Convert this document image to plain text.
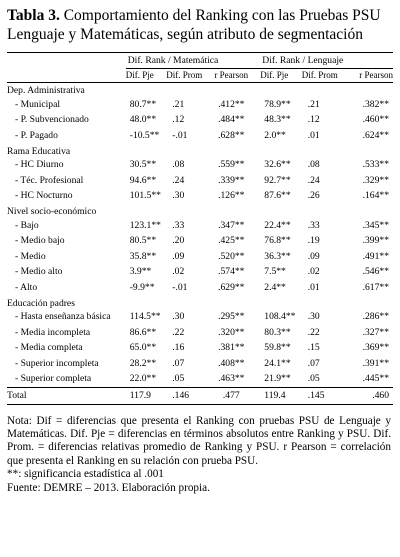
Tabla 3. Comportamiento del Ranking con las Pruebas PSU Lenguaje y Matemáticas, según atributo de segmentación
	Dif. Rank / Matemática			Dif. Rank / Lenguaje		
	Dif. Pje	Dif. Prom	r Pearson	Dif. Pje	Dif. Prom	r Pearson
Dep. Administrativa						
- Municipal	80.7**	.21	.412**	78.9**	.21	.382**
- P. Subvencionado	48.0**	.12	.484**	48.3**	.12	.460**
- P. Pagado	-10.5**	-.01	.628**	2.0**	.01	.624**
Rama Educativa						
- HC Diurno	30.5**	.08	.559**	32.6**	.08	.533**
- Téc. Profesional	94.6**	.24	.339**	92.7**	.24	.329**
- HC Nocturno	101.5**	.30	.126**	87.6**	.26	.164**
Nivel socio-económico						
- Bajo	123.1**	.33	.347**	22.4**	.33	.345**
- Medio bajo	80.5**	.20	.425**	76.8**	.19	.399**
- Medio	35.8**	.09	.520**	36.3**	.09	.491**
- Medio alto	3.9**	.02	.574**	7.5**	.02	.546**
- Alto	-9.9**	-.01	.629**	2.4**	.01	.617**
Educación padres						
- Hasta enseñanza básica	114.5**	.30	.295**	108.4**	.30	.286**
- Media incompleta	86.6**	.22	.320**	80.3**	.22	.327**
- Media completa	65.0**	.16	.381**	59.8**	.15	.369**
- Superior incompleta	28.2**	.07	.408**	24.1**	.07	.391**
- Superior completa	22.0**	.05	.463**	21.9**	.05	.445**
Total	117.9	.146	.477	119.4	.145	.460

Nota: Dif = diferencias que presenta el Ranking con pruebas PSU de Lenguaje y Matemáticas. Dif. Pje = diferencias en términos absolutos entre Ranking y PSU. Dif. Prom. = diferencias relativas promedio de Ranking y PSU. r Pearson = correlación que presenta el Ranking en su relación con prueba PSU.

**: significancia estadística al .001

Fuente: DEMRE – 2013. Elaboración propia.
